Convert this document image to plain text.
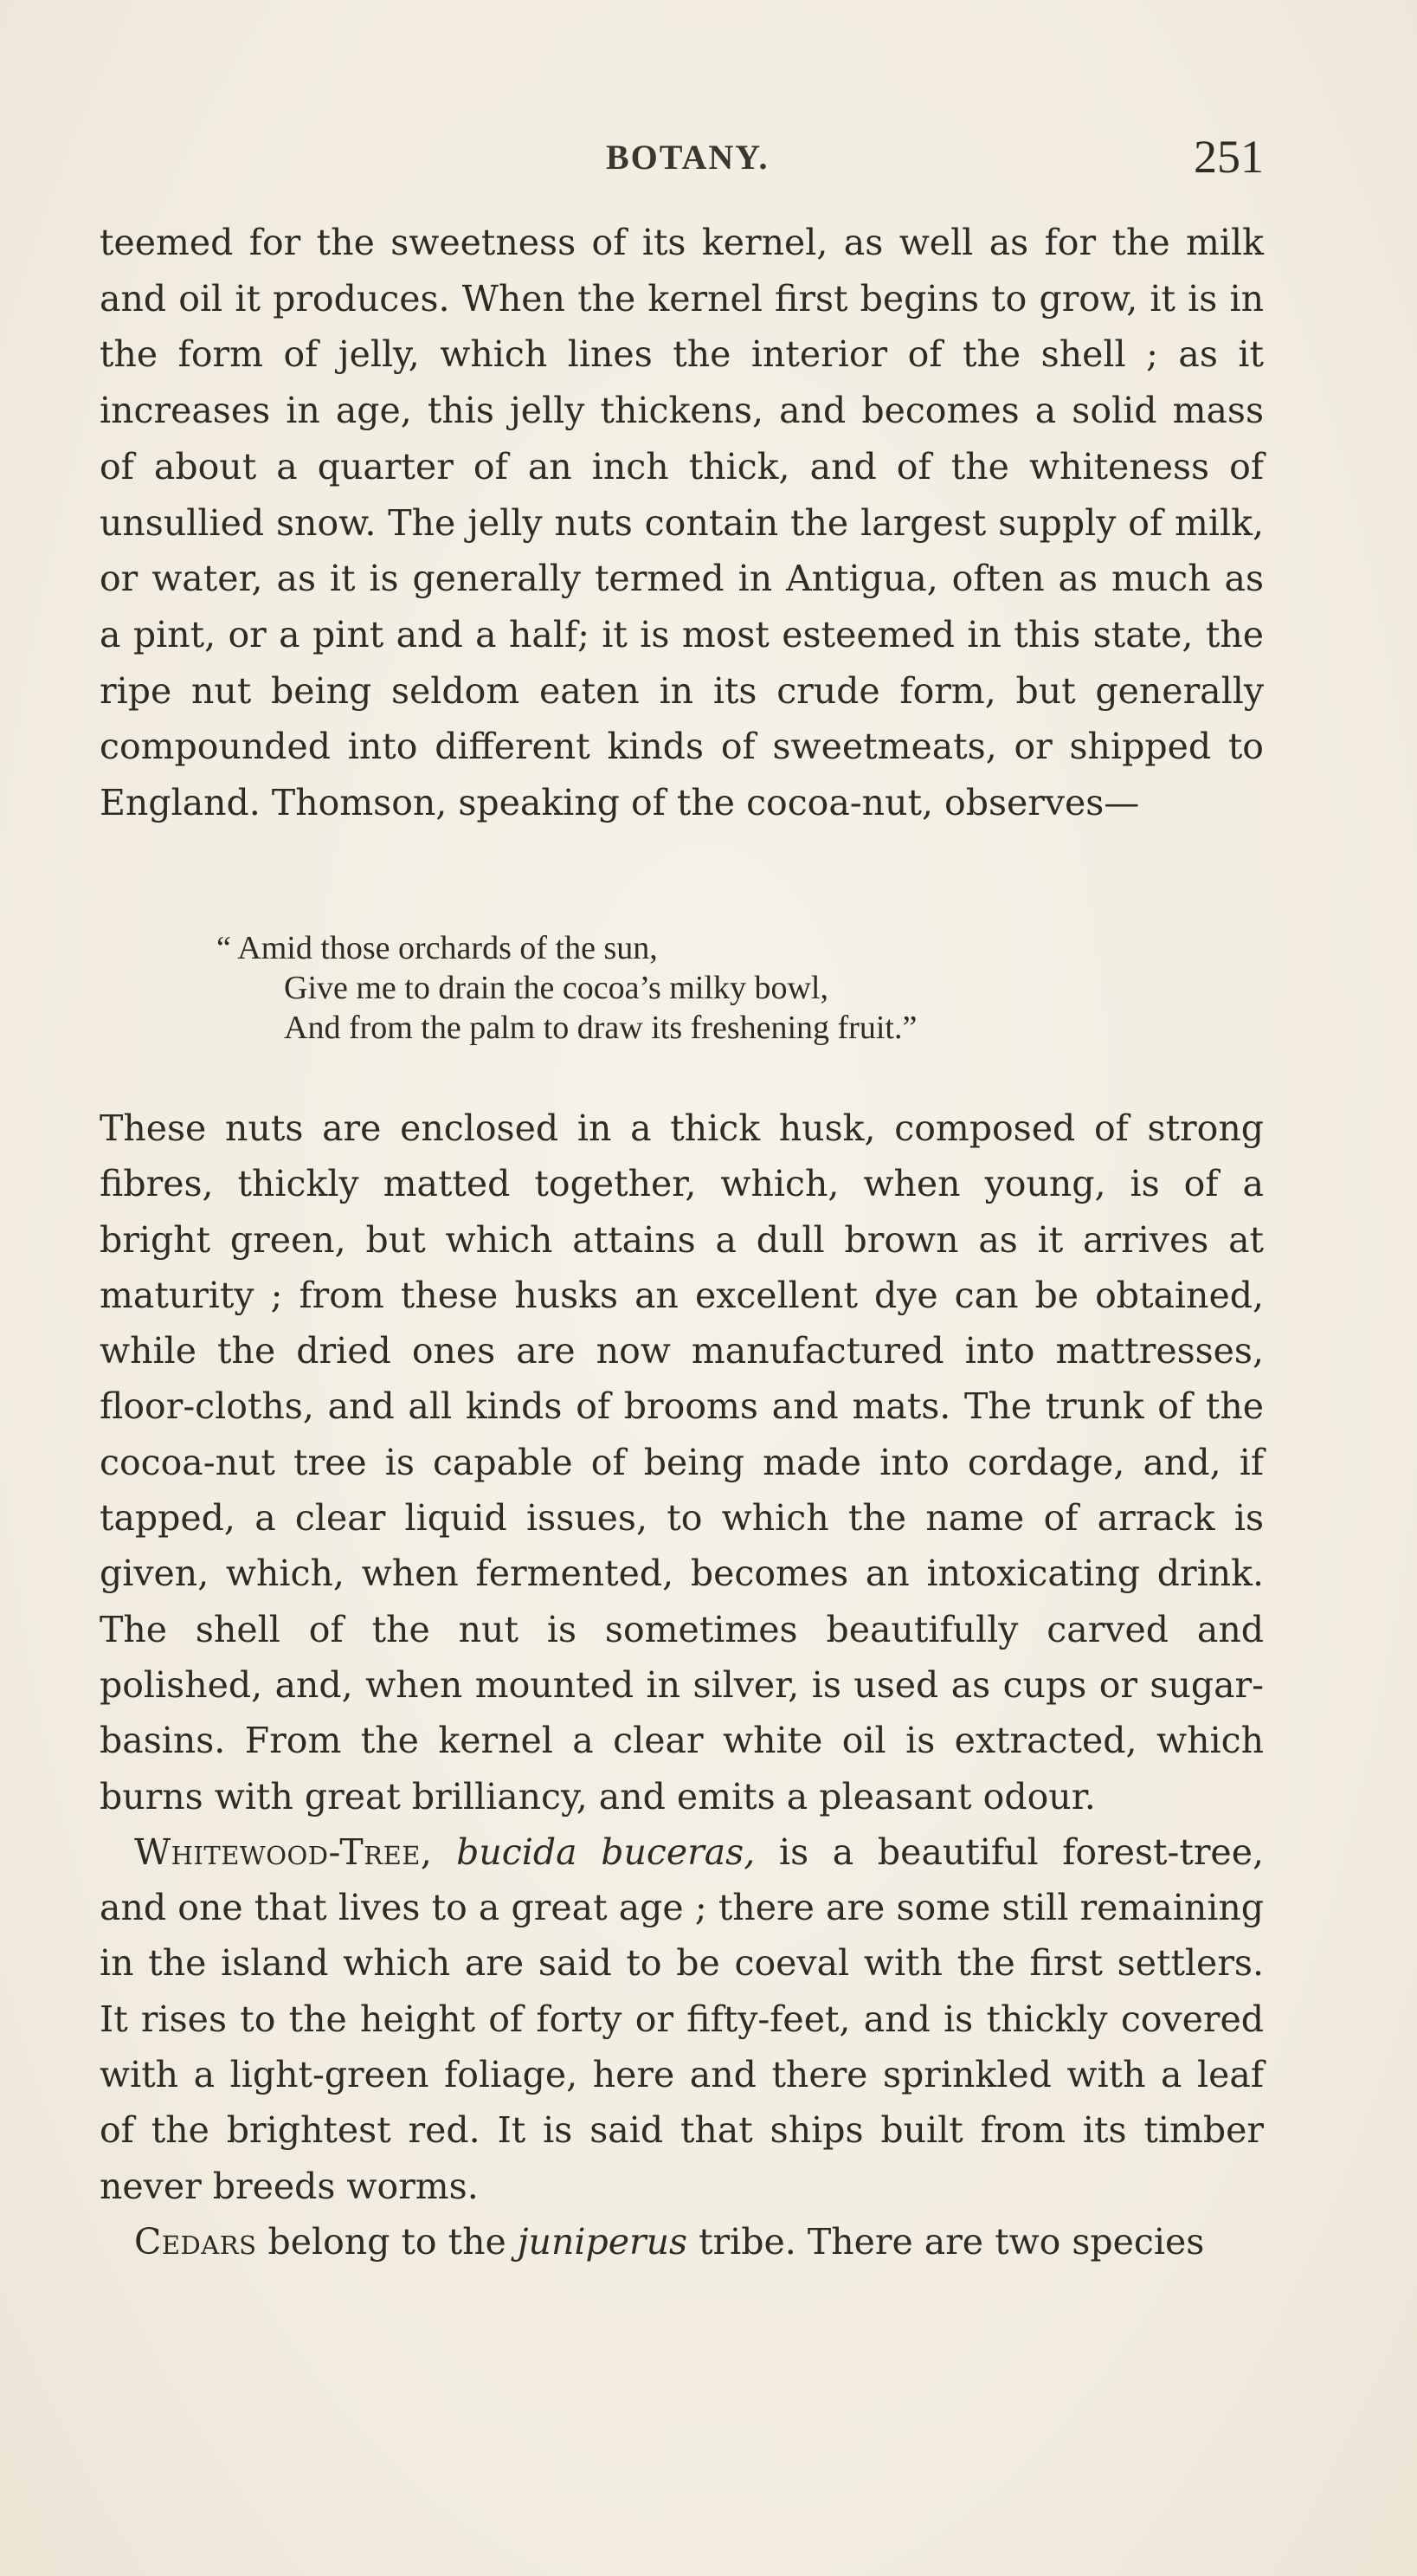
BOTANY.	251

teemed for the sweetness of its kernel, as well as for the milk and oil it produces. When the kernel first begins to grow, it is in the form of jelly, which lines the interior of the shell ; as it increases in age, this jelly thickens, and becomes a solid mass of about a quarter of an inch thick, and of the whiteness of unsullied snow. The jelly nuts contain the largest supply of milk, or water, as it is generally termed in Antigua, often as much as a pint, or a pint and a half; it is most esteemed in this state, the ripe nut being seldom eaten in its crude form, but generally compounded into different kinds of sweetmeats, or shipped to England. Thomson, speaking of the cocoa-nut, observes—

“ Amid those orchards of the sun,
Give me to drain the cocoa’s milky bowl,
And from the palm to draw its freshening fruit.”

These nuts are enclosed in a thick husk, composed of strong fibres, thickly matted together, which, when young, is of a bright green, but which attains a dull brown as it arrives at maturity ; from these husks an excellent dye can be obtained, while the dried ones are now manufactured into mattresses, floor-cloths, and all kinds of brooms and mats. The trunk of the cocoa-nut tree is capable of being made into cordage, and, if tapped, a clear liquid issues, to which the name of arrack is given, which, when fermented, becomes an intoxicating drink. The shell of the nut is sometimes beautifully carved and polished, and, when mounted in silver, is used as cups or sugar-basins. From the kernel a clear white oil is extracted, which burns with great brilliancy, and emits a pleasant odour.

Whitewood-Tree, bucida buceras, is a beautiful forest-tree, and one that lives to a great age ; there are some still remaining in the island which are said to be coeval with the first settlers. It rises to the height of forty or fifty-feet, and is thickly covered with a light-green foliage, here and there sprinkled with a leaf of the brightest red. It is said that ships built from its timber never breeds worms.

Cedars belong to the juniperus tribe. There are two species
